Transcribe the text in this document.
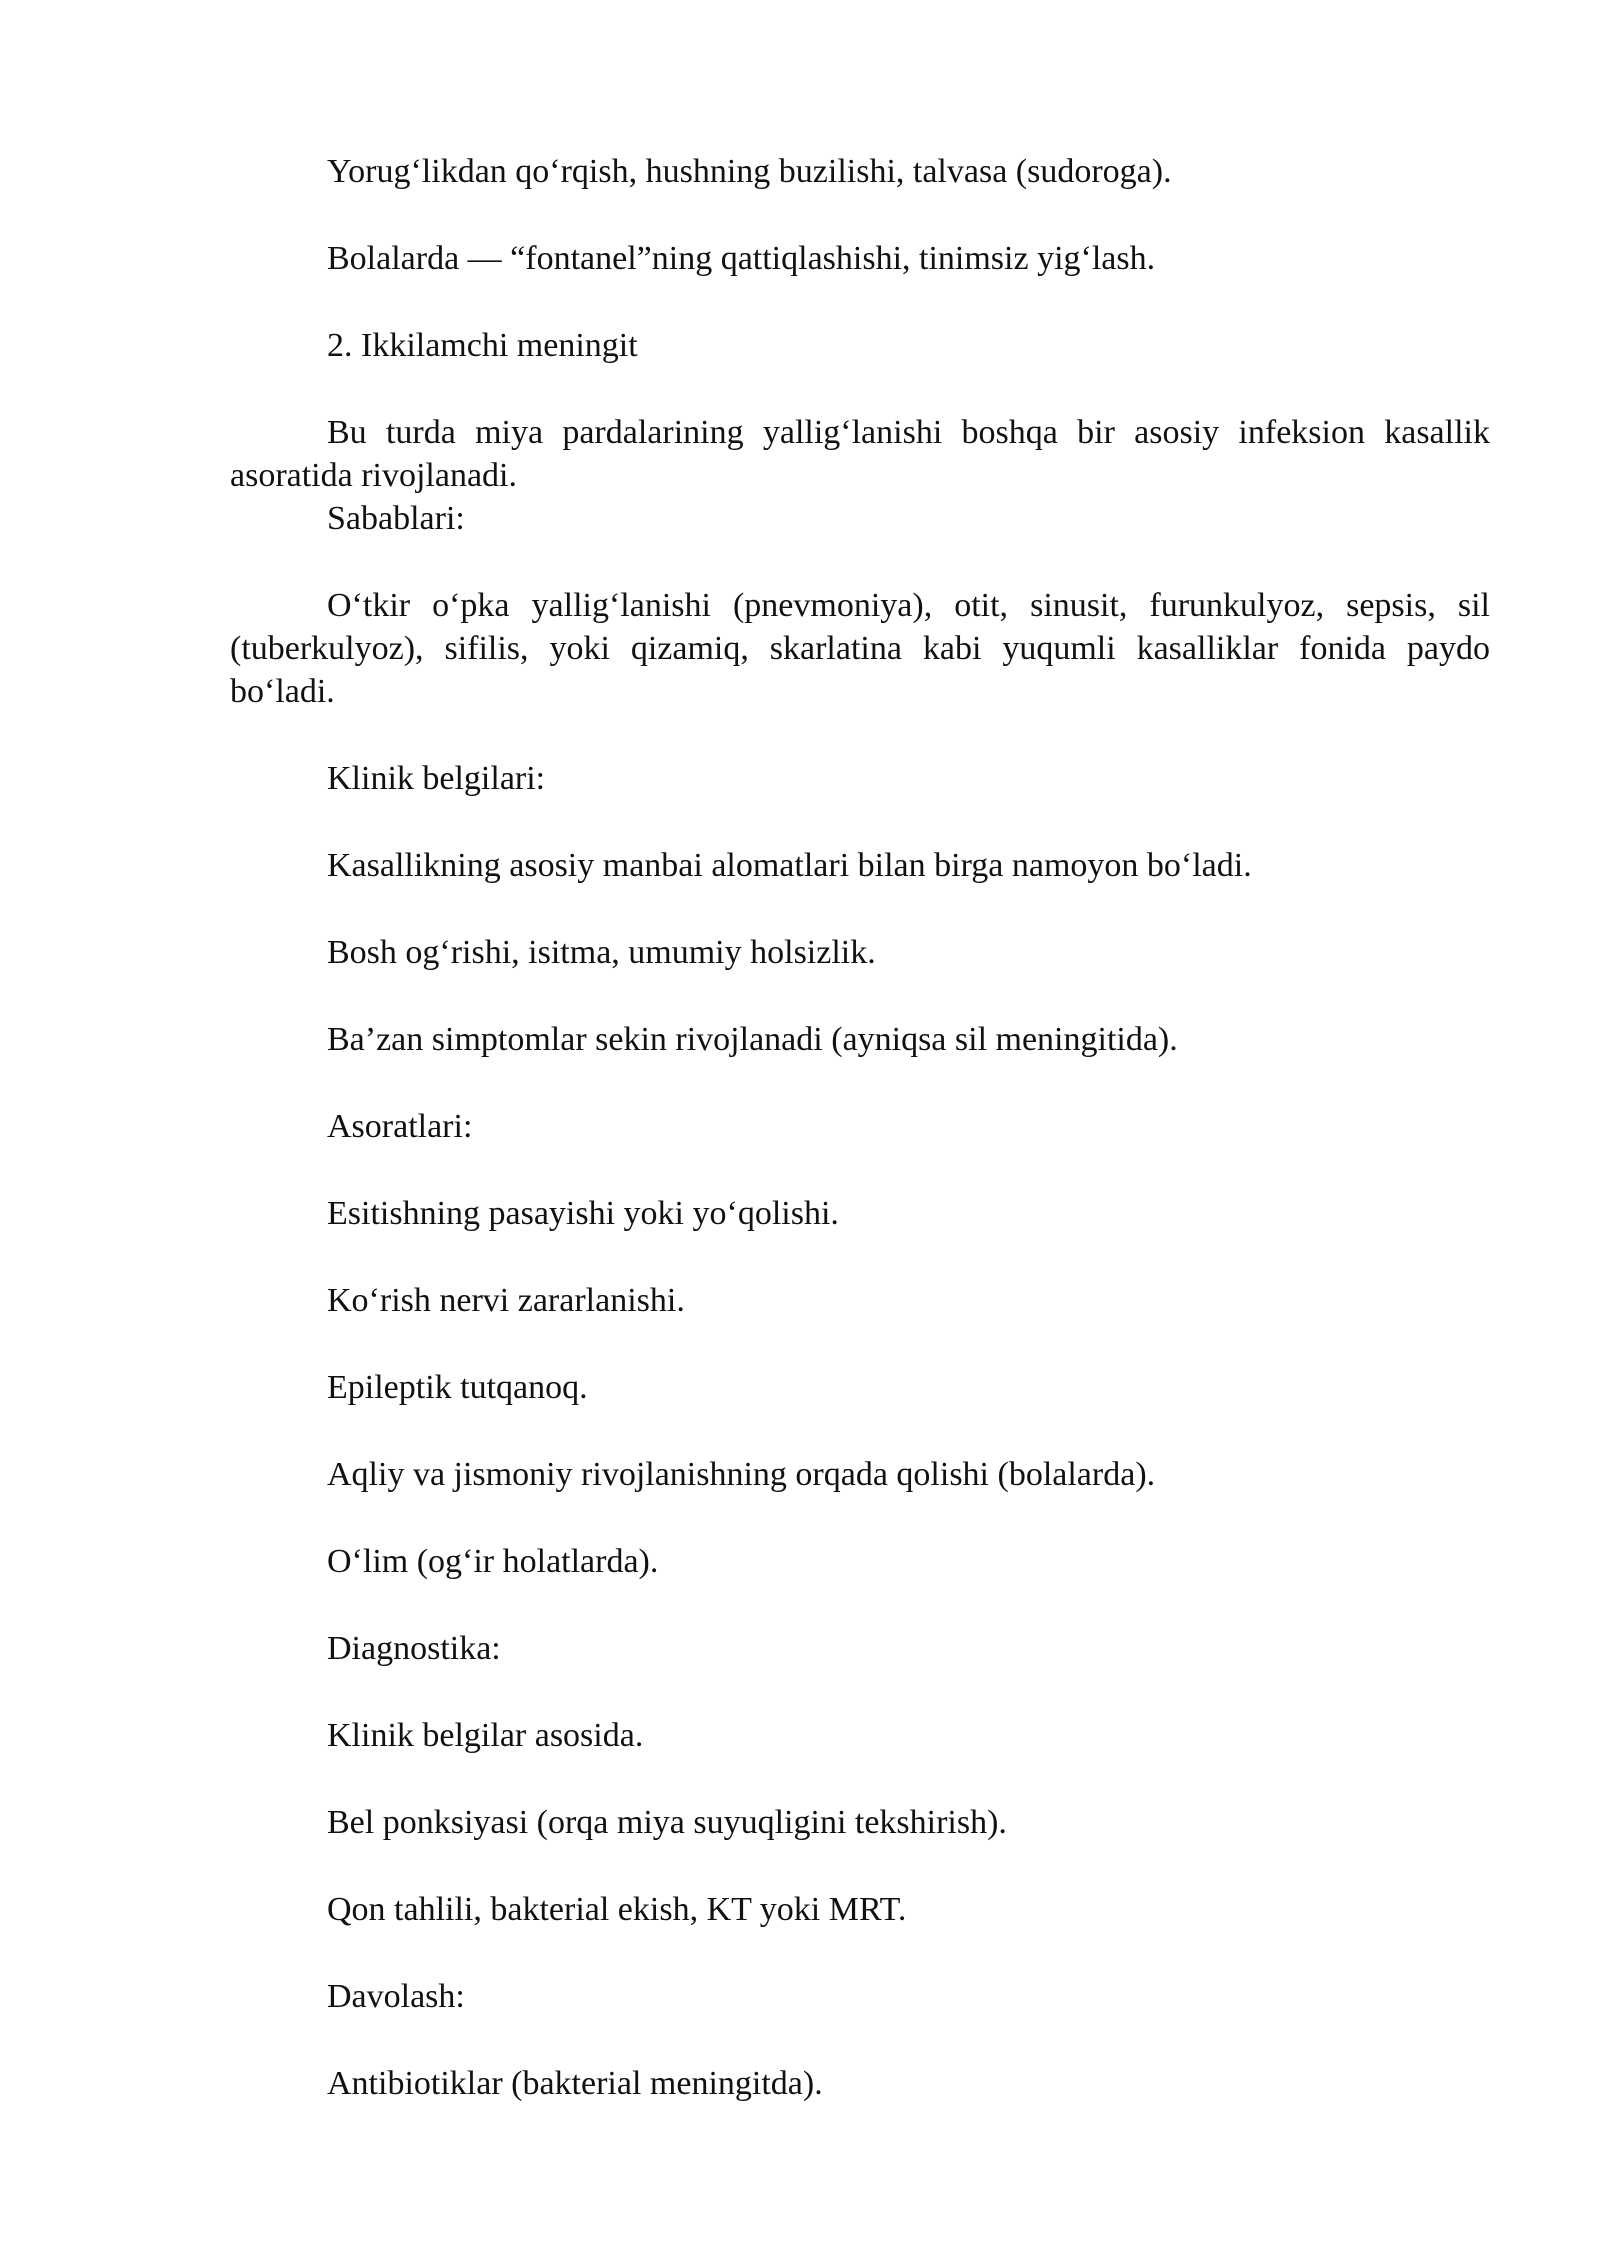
Yorug‘likdan qo‘rqish, hushning buzilishi, talvasa (sudoroga).
Bolalarda — “fontanel”ning qattiqlashishi, tinimsiz yig‘lash.
2. Ikkilamchi meningit

Bu turda miya pardalarining yallig‘lanishi boshqa bir asosiy infeksion kasallik asoratida rivojlanadi.

Sabablari:

O‘tkir o‘pka yallig‘lanishi (pnevmoniya), otit, sinusit, furunkulyoz, sepsis, sil (tuberkulyoz), sifilis, yoki qizamiq, skarlatina kabi yuqumli kasalliklar fonida paydo bo‘ladi.

Klinik belgilari:
Kasallikning asosiy manbai alomatlari bilan birga namoyon bo‘ladi.
Bosh og‘rishi, isitma, umumiy holsizlik.
Ba’zan simptomlar sekin rivojlanadi (ayniqsa sil meningitida).
Asoratlari:
Esitishning pasayishi yoki yo‘qolishi.
Ko‘rish nervi zararlanishi.
Epileptik tutqanoq.
Aqliy va jismoniy rivojlanishning orqada qolishi (bolalarda).
O‘lim (og‘ir holatlarda).
Diagnostika:
Klinik belgilar asosida.
Bel ponksiyasi (orqa miya suyuqligini tekshirish).
Qon tahlili, bakterial ekish, KT yoki MRT.
Davolash:
Antibiotiklar (bakterial meningitda).
